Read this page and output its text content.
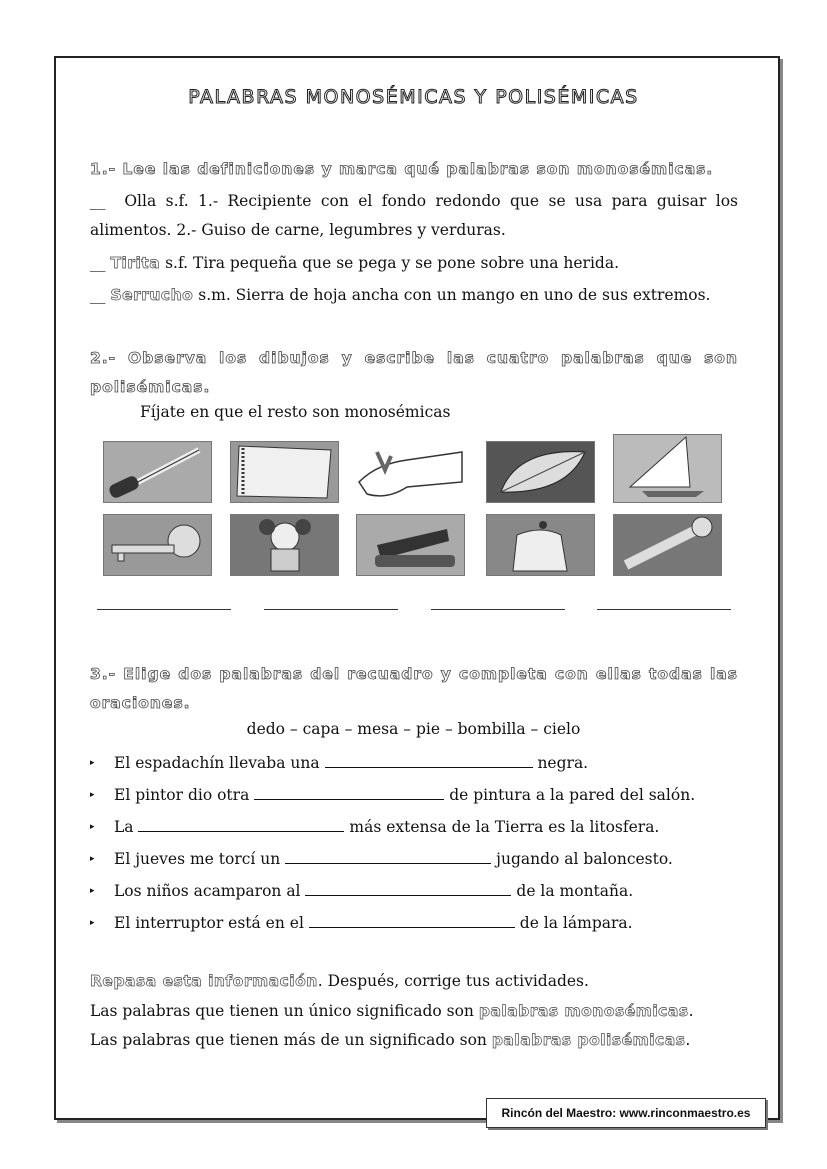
PALABRAS MONOSÉMICAS Y POLISÉMICAS
1.- Lee las definiciones y marca qué palabras son monosémicas.
__ Olla s.f. 1.- Recipiente con el fondo redondo que se usa para guisar los alimentos. 2.- Guiso de carne, legumbres y verduras.
__ Tirita s.f. Tira pequeña que se pega y se pone sobre una herida.
__ Serrucho s.m. Sierra de hoja ancha con un mango en uno de sus extremos.
2.- Observa los dibujos y escribe las cuatro palabras que son polisémicas.
Fíjate en que el resto son monosémicas
3.- Elige dos palabras del recuadro y completa con ellas todas las oraciones.
dedo – capa – mesa – pie – bombilla – cielo
▸ El espadachín llevaba una	negra.
▸ El pintor dio otra	de pintura a la pared del salón.
▸ La	más extensa de la Tierra es la litosfera.
▸ El jueves me torcí un	jugando al baloncesto.
▸ Los niños acamparon al	de la montaña.
▸ El interruptor está en el	de la lámpara.
Repasa esta información. Después, corrige tus actividades.
Las palabras que tienen un único significado son palabras monosémicas.
Las palabras que tienen más de un significado son palabras polisémicas.
Rincón del Maestro: www.rinconmaestro.es
